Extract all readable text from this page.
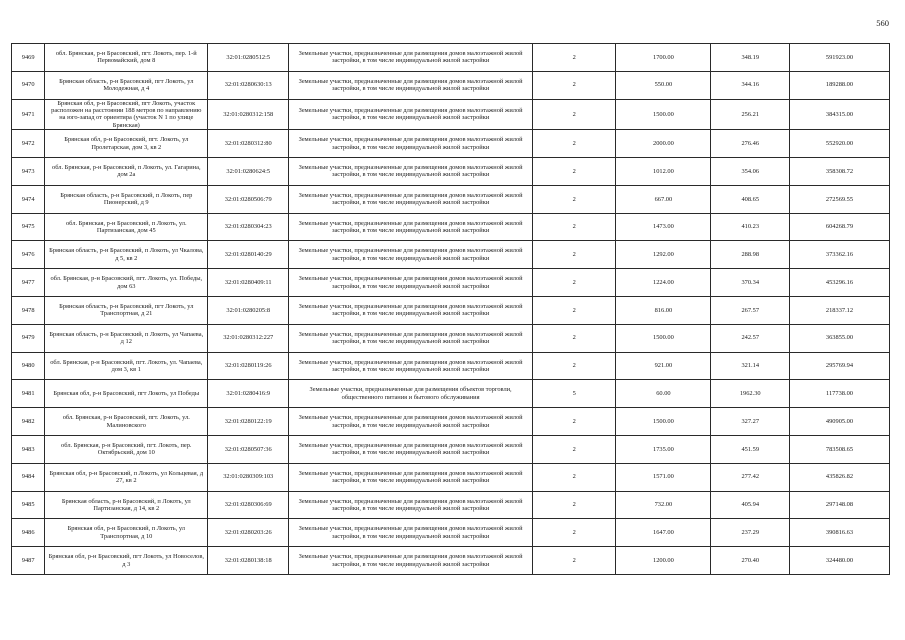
560
9469	обл. Брянская, р-н Брасовский, пгт. Локоть, пер. 1-й Первомайский, дом 8	32:01:0280512:5	Земельные участки, предназначенные для размещения домов малоэтажной жилой застройки, в том числе индивидуальной жилой застройки	2	1700.00	348.19	591923.00
9470	Брянская область, р-н Брасовский, пгт Локоть, ул Молодежная, д 4	32:01:0280630:13	Земельные участки, предназначенные для размещения домов малоэтажной жилой застройки, в том числе индивидуальной жилой застройки	2	550.00	344.16	189288.00
9471	Брянская обл, р-н Брасовский, пгт Локоть, участок расположен на расстоянии 188 метров по направлению на юго-запад от ориентира (участок N 1 по улице Брянская)	32:01:0280312:158	Земельные участки, предназначенные для размещения домов малоэтажной жилой застройки, в том числе индивидуальной жилой застройки	2	1500.00	256.21	384315.00
9472	Брянская обл, р-н Брасовский, пгт. Локоть, ул Пролетарская, дом 3, кв 2	32:01:0280312:80	Земельные участки, предназначенные для размещения домов малоэтажной жилой застройки, в том числе индивидуальной жилой застройки	2	2000.00	276.46	552920.00
9473	обл. Брянская, р-н Брасовский, п Локоть, ул. Гагарина, дом 2а	32:01:0280624:5	Земельные участки, предназначенные для размещения домов малоэтажной жилой застройки, в том числе индивидуальной жилой застройки	2	1012.00	354.06	358308.72
9474	Брянская область, р-н Брасовский, п Локоть, пер Пионерский, д 9	32:01:0280506:79	Земельные участки, предназначенные для размещения домов малоэтажной жилой застройки, в том числе индивидуальной жилой застройки	2	667.00	408.65	272569.55
9475	обл. Брянская, р-н Брасовский, п Локоть, ул. Партизанская, дом 45	32:01:0280304:23	Земельные участки, предназначенные для размещения домов малоэтажной жилой застройки, в том числе индивидуальной жилой застройки	2	1473.00	410.23	604268.79
9476	Брянская область, р-н Брасовский, п Локоть, ул Чкалова, д 5, кв 2	32:01:0280140:29	Земельные участки, предназначенные для размещения домов малоэтажной жилой застройки, в том числе индивидуальной жилой застройки	2	1292.00	288.98	373362.16
9477	обл. Брянская, р-н Брасовский, пгт. Локоть, ул. Победы, дом 63	32:01:0280409:11	Земельные участки, предназначенные для размещения домов малоэтажной жилой застройки, в том числе индивидуальной жилой застройки	2	1224.00	370.34	453296.16
9478	Брянская область, р-н Брасовский, пгт Локоть, ул Транспортная, д 21	32:01:0280205:8	Земельные участки, предназначенные для размещения домов малоэтажной жилой застройки, в том числе индивидуальной жилой застройки	2	816.00	267.57	218337.12
9479	Брянская область, р-н Брасовский, п Локоть, ул Чапаева, д 12	32:01:0280312:227	Земельные участки, предназначенные для размещения домов малоэтажной жилой застройки, в том числе индивидуальной жилой застройки	2	1500.00	242.57	363855.00
9480	обл. Брянская, р-н Брасовский, пгт. Локоть, ул. Чапаева, дом 3, кв 1	32:01:0280119:26	Земельные участки, предназначенные для размещения домов малоэтажной жилой застройки, в том числе индивидуальной жилой застройки	2	921.00	321.14	295769.94
9481	Брянская обл, р-н Брасовский, пгт Локоть, ул Победы	32:01:0280416:9	Земельные участки, предназначенные для размещения объектов торговли, общественного питания и бытового обслуживания	5	60.00	1962.30	117738.00
9482	обл. Брянская, р-н Брасовский, пгт. Локоть, ул. Малиновского	32:01:0280122:19	Земельные участки, предназначенные для размещения домов малоэтажной жилой застройки, в том числе индивидуальной жилой застройки	2	1500.00	327.27	490905.00
9483	обл. Брянская, р-н Брасовский, пгт. Локоть, пер. Октябрьский, дом 10	32:01:0280507:36	Земельные участки, предназначенные для размещения домов малоэтажной жилой застройки, в том числе индивидуальной жилой застройки	2	1735.00	451.59	783508.65
9484	Брянская обл, р-н Брасовский, п Локоть, ул Кольцевая, д 27, кв 2	32:01:0280309:103	Земельные участки, предназначенные для размещения домов малоэтажной жилой застройки, в том числе индивидуальной жилой застройки	2	1571.00	277.42	435826.82
9485	Брянская область, р-н Брасовский, п Локоть, ул Партизанская, д 14, кв 2	32:01:0280306:69	Земельные участки, предназначенные для размещения домов малоэтажной жилой застройки, в том числе индивидуальной жилой застройки	2	732.00	405.94	297148.08
9486	Брянская обл, р-н Брасовский, п Локоть, ул Транспортная, д 10	32:01:0280203:26	Земельные участки, предназначенные для размещения домов малоэтажной жилой застройки, в том числе индивидуальной жилой застройки	2	1647.00	237.29	390816.63
9487	Брянская обл, р-н Брасовский, пгт Локоть, ул Новоселов, д 3	32:01:0280138:18	Земельные участки, предназначенные для размещения домов малоэтажной жилой застройки, в том числе индивидуальной жилой застройки	2	1200.00	270.40	324480.00
